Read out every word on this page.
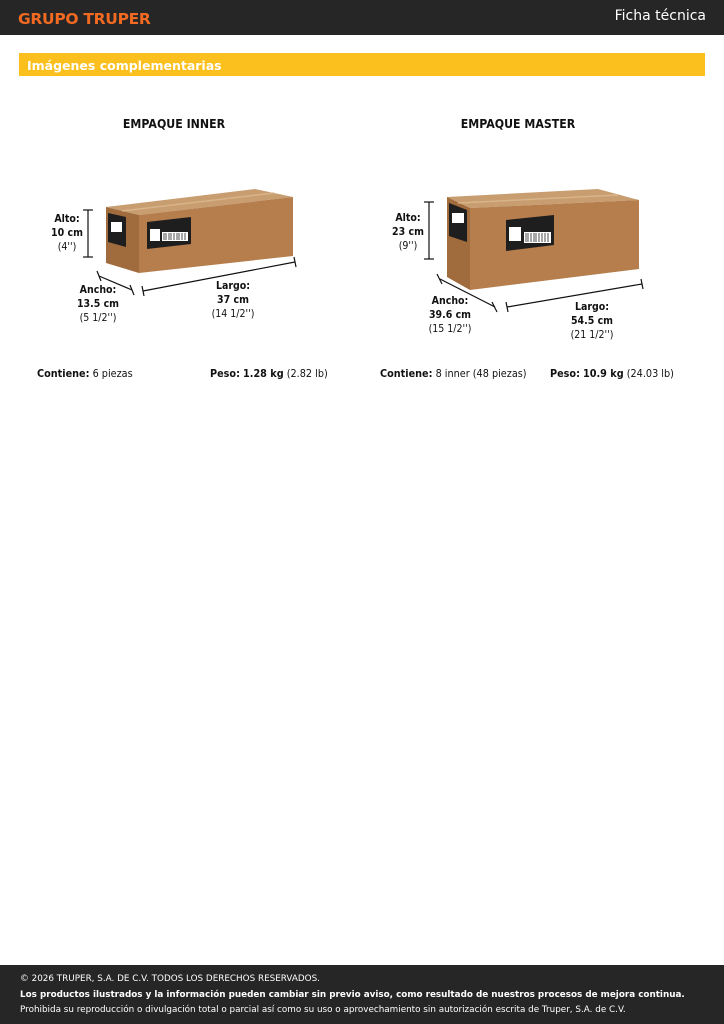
GRUPO TRUPER	Ficha técnica
Imágenes complementarias
EMPAQUE INNER	EMPAQUE MASTER
Alto:
10 cm
(4'')
Ancho:
13.5 cm
(5 1/2'')
Largo:
37 cm
(14 1/2'')
Alto:
23 cm
(9'')
Ancho:
39.6 cm
(15 1/2'')
Largo:
54.5 cm
(21 1/2'')
Contiene: 6 piezas	Peso: 1.28 kg (2.82 lb)	Contiene: 8 inner (48 piezas) Peso: 10.9 kg (24.03 lb)

© 2026 TRUPER, S.A. DE C.V. TODOS LOS DERECHOS RESERVADOS.

Los productos ilustrados y la información pueden cambiar sin previo aviso, como resultado de nuestros procesos de mejora continua.

Prohibida su reproducción o divulgación total o parcial así como su uso o aprovechamiento sin autorización escrita de Truper, S.A. de C.V.
